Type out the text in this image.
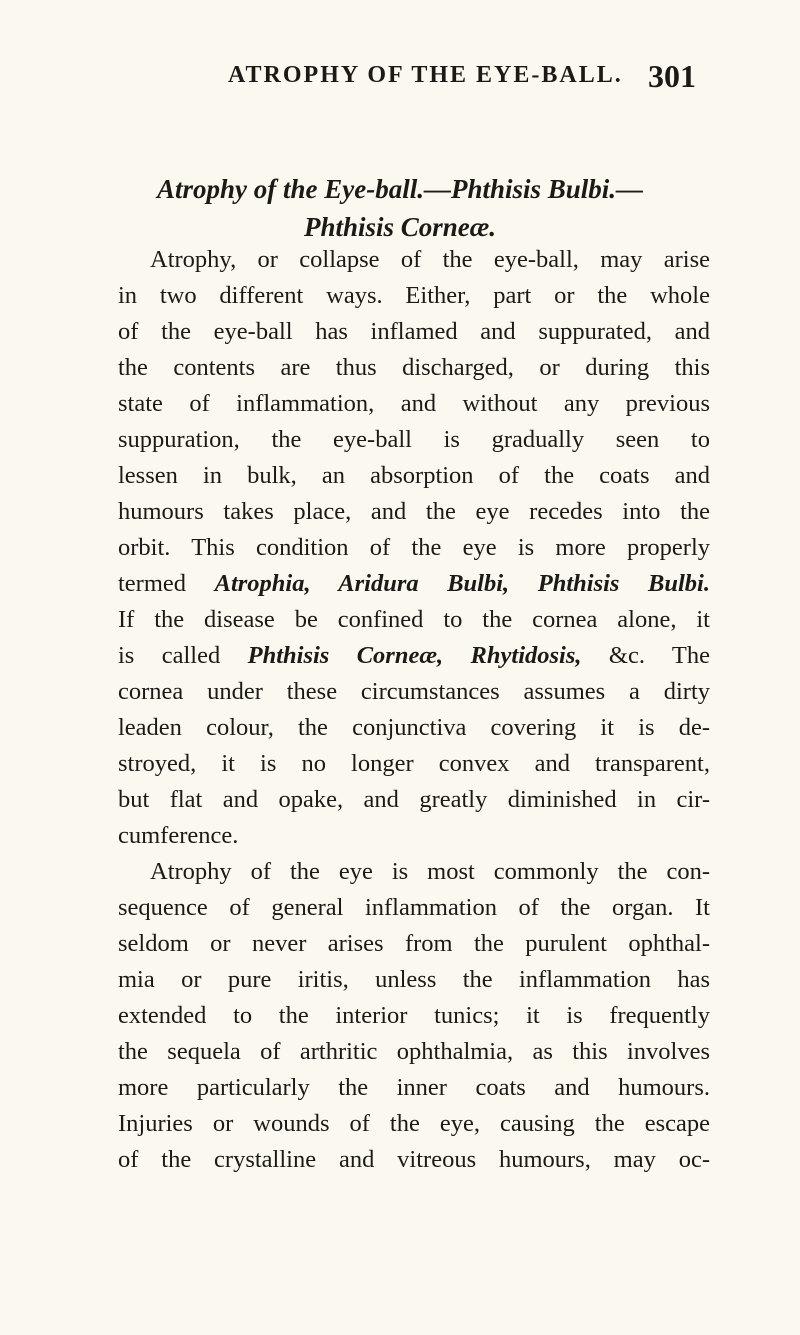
ATROPHY OF THE EYE-BALL. 301
Atrophy of the Eye-ball.—Phthisis Bulbi.—
Phthisis Corneæ.
Atrophy, or collapse of the eye-ball, may arise
in two different ways. Either, part or the whole
of the eye-ball has inflamed and suppurated, and
the contents are thus discharged, or during this
state of inflammation, and without any previous
suppuration, the eye-ball is gradually seen to
lessen in bulk, an absorption of the coats and
humours takes place, and the eye recedes into the
orbit. This condition of the eye is more properly
termed Atrophia, Aridura Bulbi, Phthisis Bulbi.
If the disease be confined to the cornea alone, it
is called Phthisis Corneæ, Rhytidosis, &c. The
cornea under these circumstances assumes a dirty
leaden colour, the conjunctiva covering it is de-
stroyed, it is no longer convex and transparent,
but flat and opake, and greatly diminished in cir-
cumference.
Atrophy of the eye is most commonly the con-
sequence of general inflammation of the organ. It
seldom or never arises from the purulent ophthal-
mia or pure iritis, unless the inflammation has
extended to the interior tunics; it is frequently
the sequela of arthritic ophthalmia, as this involves
more particularly the inner coats and humours.
Injuries or wounds of the eye, causing the escape
of the crystalline and vitreous humours, may oc-
